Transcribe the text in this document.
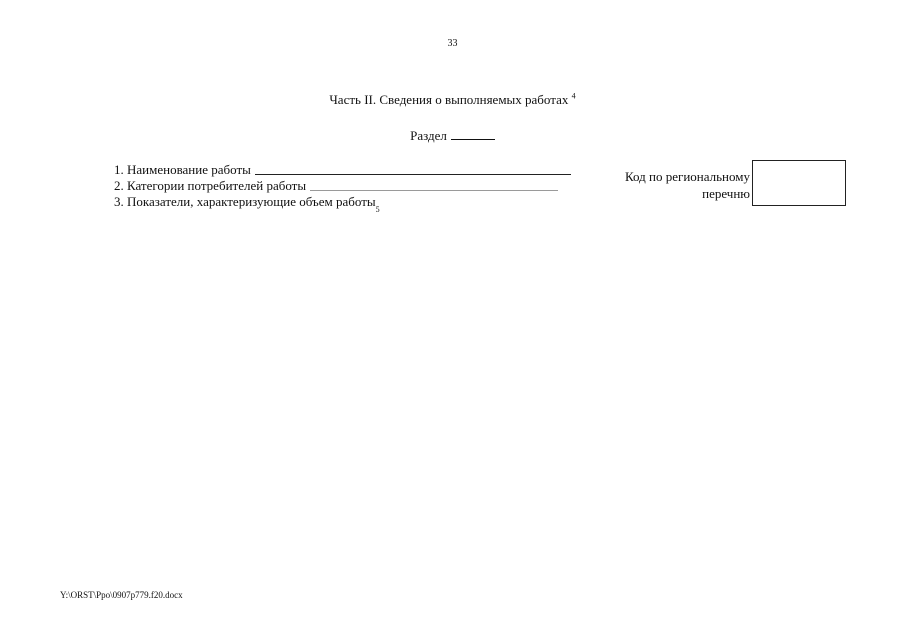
33
Часть II. Сведения о выполняемых работах $^4$
Раздел
1. Наименование работы
2. Категории потребителей работы
3. Показатели, характеризующие объем работы
5
Код по региональному
перечню
Y:\ORST\Ppo\0907p779.f20.docx
